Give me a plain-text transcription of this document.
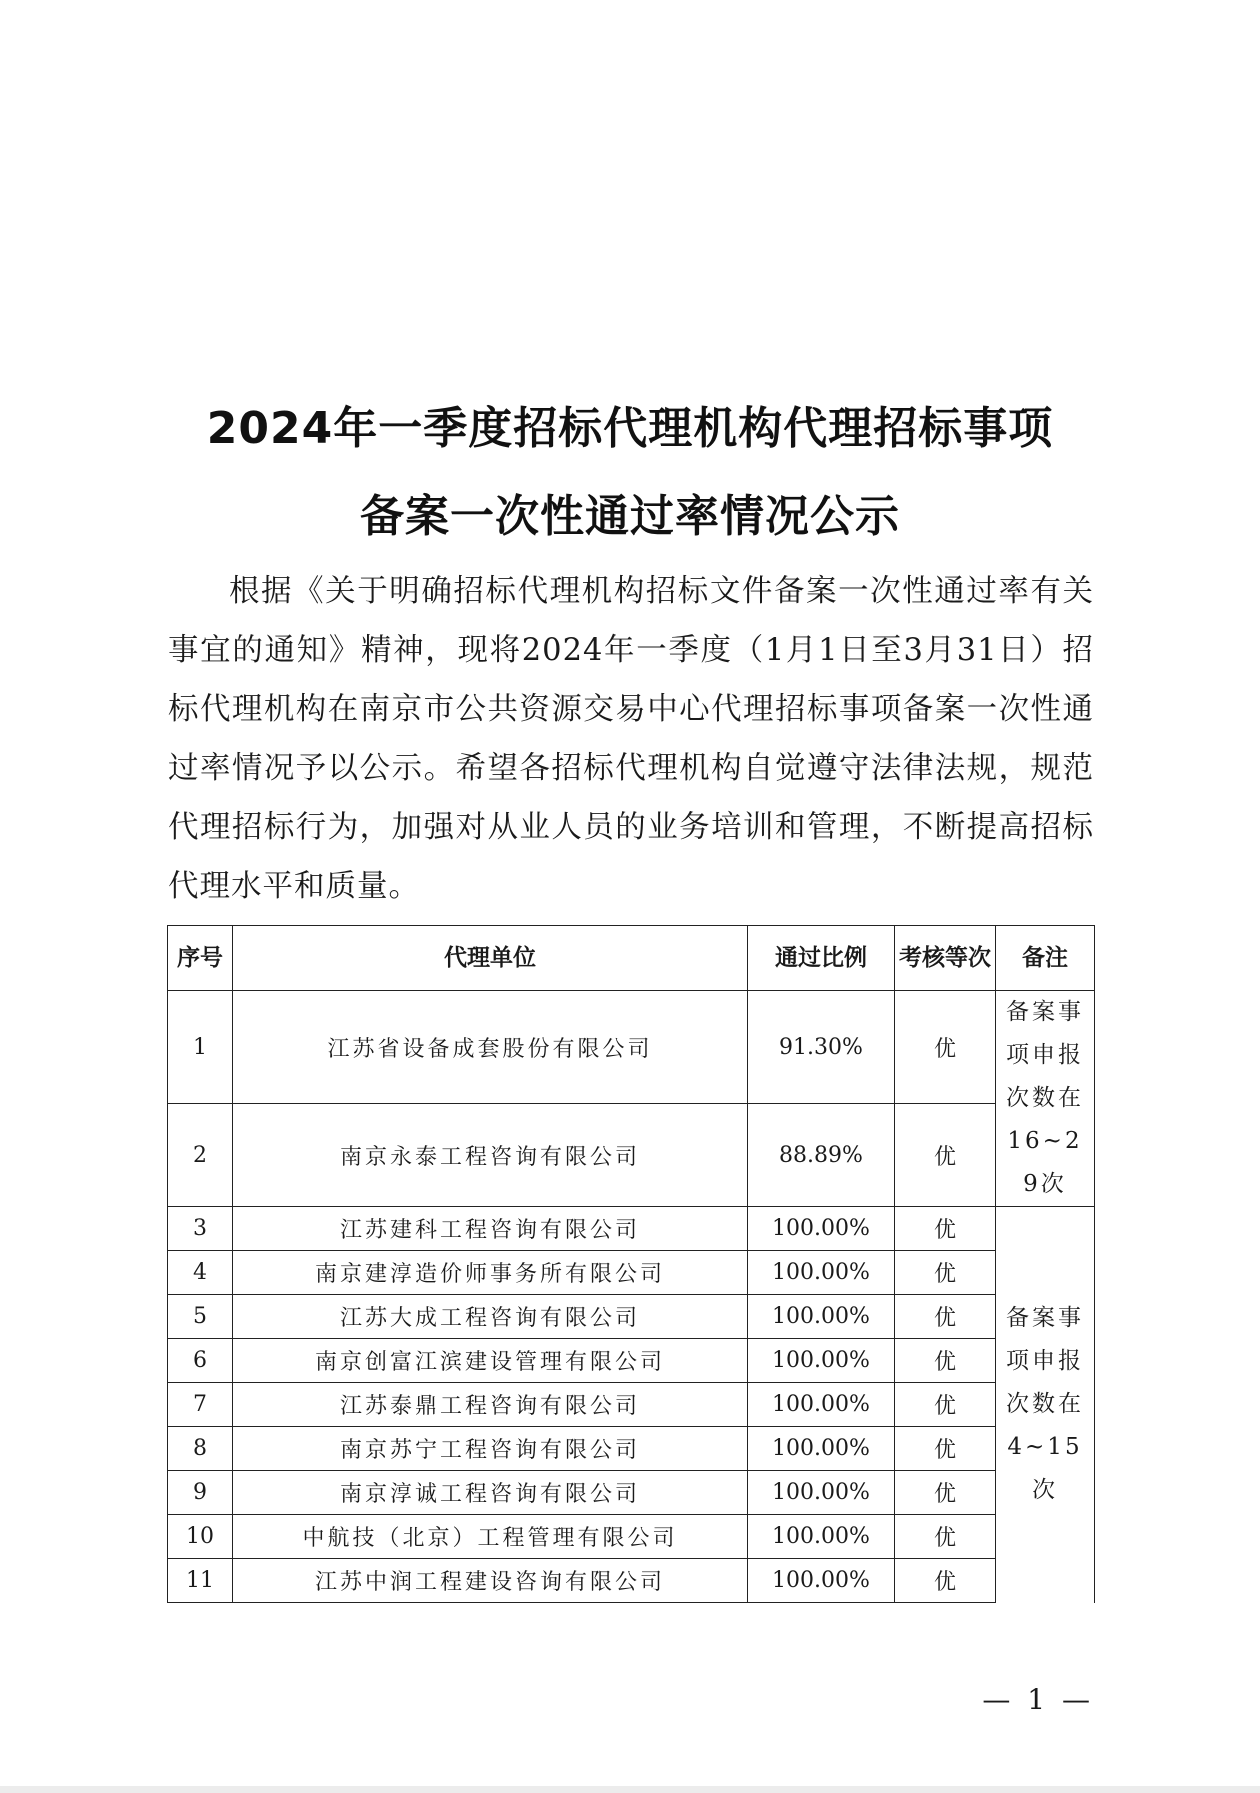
2024年一季度招标代理机构代理招标事项
备案一次性通过率情况公示
根据《关于明确招标代理机构招标文件备案一次性通过率有关事宜的通知》精神，现将2024年一季度（1月1日至3月31日）招标代理机构在南京市公共资源交易中心代理招标事项备案一次性通过率情况予以公示。希望各招标代理机构自觉遵守法律法规，规范代理招标行为，加强对从业人员的业务培训和管理，不断提高招标代理水平和质量。
序号	代理单位	通过比例	考核等次	备注
1	江苏省设备成套股份有限公司	91.30%	优	备案事项申报次数在16~29次
2	南京永泰工程咨询有限公司	88.89%	优	
3	江苏建科工程咨询有限公司	100.00%	优	备案事项申报次数在4~15次
4	南京建淳造价师事务所有限公司	100.00%	优	
5	江苏大成工程咨询有限公司	100.00%	优	
6	南京创富江滨建设管理有限公司	100.00%	优	
7	江苏泰鼎工程咨询有限公司	100.00%	优	
8	南京苏宁工程咨询有限公司	100.00%	优	
9	南京淳诚工程咨询有限公司	100.00%	优	
10	中航技（北京）工程管理有限公司	100.00%	优	
11	江苏中润工程建设咨询有限公司	100.00%	优	
— 1 —
